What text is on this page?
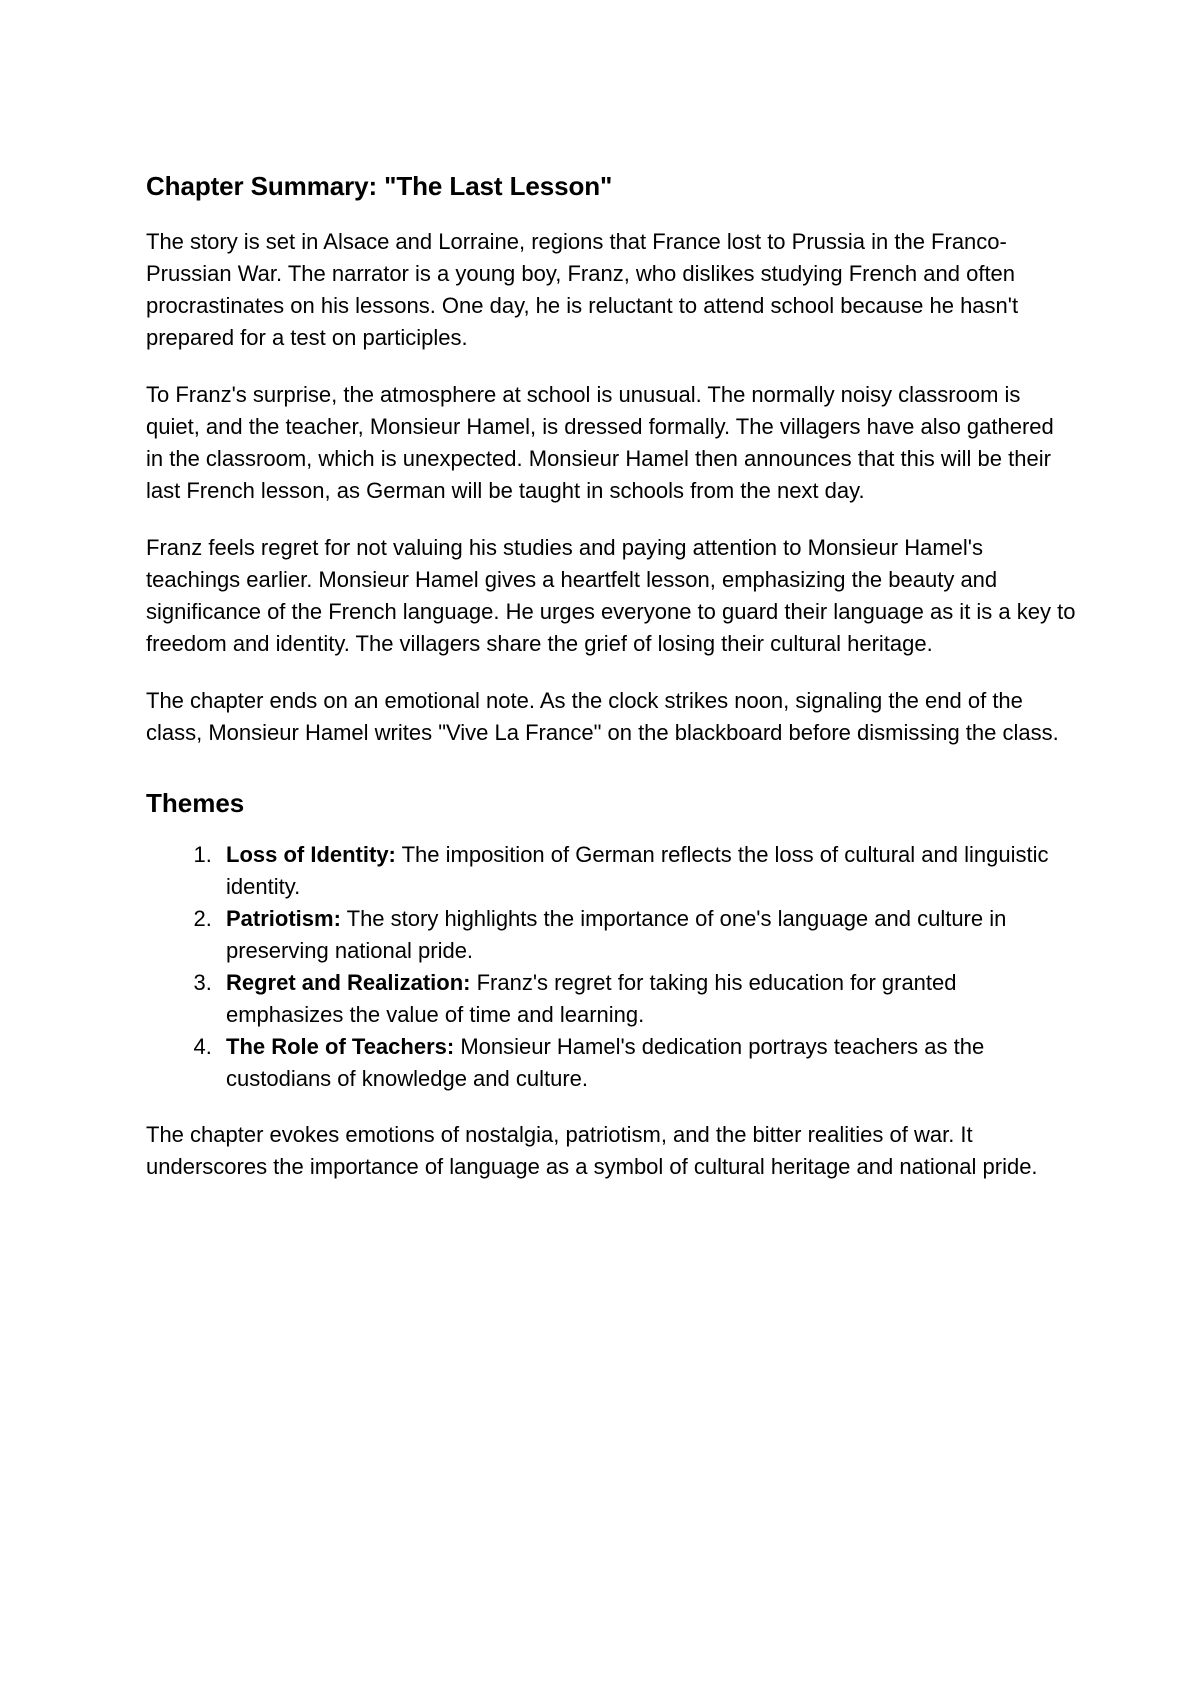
Chapter Summary: "The Last Lesson"

The story is set in Alsace and Lorraine, regions that France lost to Prussia in the Franco-Prussian War. The narrator is a young boy, Franz, who dislikes studying French and often procrastinates on his lessons. One day, he is reluctant to attend school because he hasn't prepared for a test on participles.

To Franz's surprise, the atmosphere at school is unusual. The normally noisy classroom is quiet, and the teacher, Monsieur Hamel, is dressed formally. The villagers have also gathered in the classroom, which is unexpected. Monsieur Hamel then announces that this will be their last French lesson, as German will be taught in schools from the next day.

Franz feels regret for not valuing his studies and paying attention to Monsieur Hamel's teachings earlier. Monsieur Hamel gives a heartfelt lesson, emphasizing the beauty and significance of the French language. He urges everyone to guard their language as it is a key to freedom and identity. The villagers share the grief of losing their cultural heritage.

The chapter ends on an emotional note. As the clock strikes noon, signaling the end of the class, Monsieur Hamel writes "Vive La France" on the blackboard before dismissing the class.

Themes
1. Loss of Identity: The imposition of German reflects the loss of cultural and linguistic identity.
2. Patriotism: The story highlights the importance of one's language and culture in preserving national pride.
3. Regret and Realization: Franz's regret for taking his education for granted emphasizes the value of time and learning.
4. The Role of Teachers: Monsieur Hamel's dedication portrays teachers as the custodians of knowledge and culture.

The chapter evokes emotions of nostalgia, patriotism, and the bitter realities of war. It underscores the importance of language as a symbol of cultural heritage and national pride.
